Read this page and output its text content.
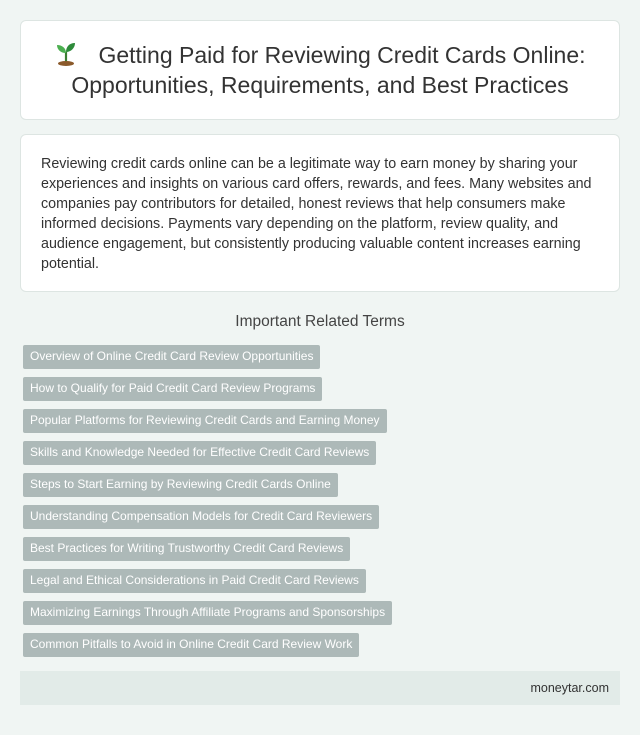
Getting Paid for Reviewing Credit Cards Online: Opportunities, Requirements, and Best Practices

Reviewing credit cards online can be a legitimate way to earn money by sharing your experiences and insights on various card offers, rewards, and fees. Many websites and companies pay contributors for detailed, honest reviews that help consumers make informed decisions. Payments vary depending on the platform, review quality, and audience engagement, but consistently producing valuable content increases earning potential.

Important Related Terms
Overview of Online Credit Card Review Opportunities
How to Qualify for Paid Credit Card Review Programs
Popular Platforms for Reviewing Credit Cards and Earning Money
Skills and Knowledge Needed for Effective Credit Card Reviews
Steps to Start Earning by Reviewing Credit Cards Online
Understanding Compensation Models for Credit Card Reviewers
Best Practices for Writing Trustworthy Credit Card Reviews
Legal and Ethical Considerations in Paid Credit Card Reviews
Maximizing Earnings Through Affiliate Programs and Sponsorships
Common Pitfalls to Avoid in Online Credit Card Review Work
moneytar.com
